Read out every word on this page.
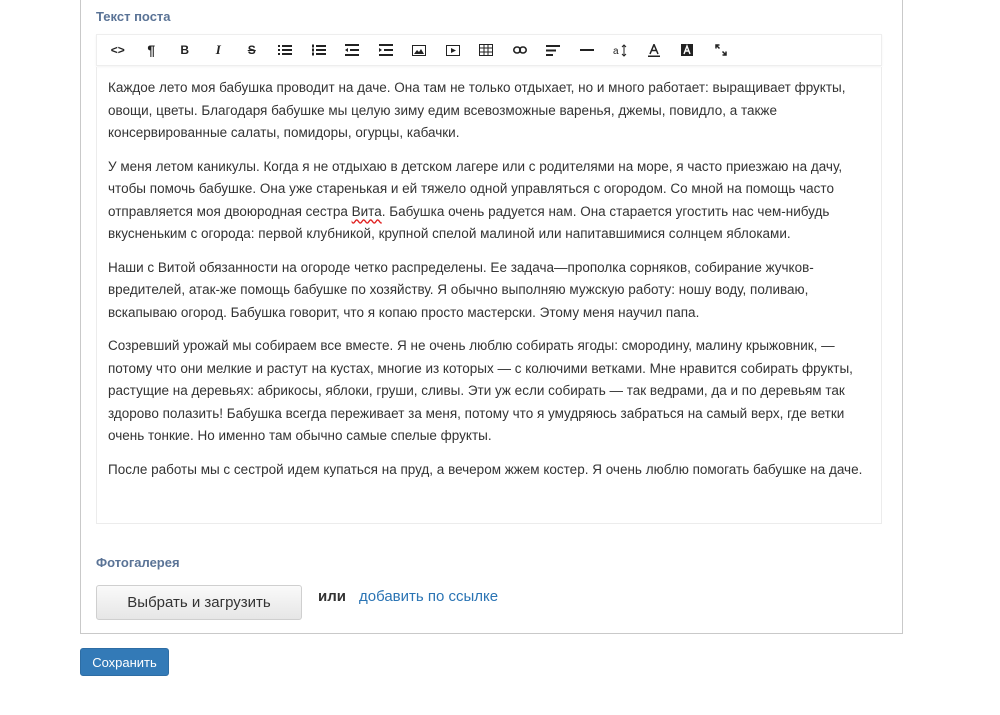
Текст поста
<> ¶ B I S	a

Каждое лето моя бабушка проводит на даче. Она там не только отдыхает, но и много работает: выращивает фрукты, овощи, цветы. Благодаря бабушке мы целую зиму едим всевозможные варенья, джемы, повидло, а также консервированные салаты, помидоры, огурцы, кабачки.

У меня летом каникулы. Когда я не отдыхаю в детском лагере или с родителями на море, я часто приезжаю на дачу, чтобы помочь бабушке. Она уже старенькая и ей тяжело одной управляться с огородом. Со мной на помощь часто отправляется моя двоюродная сестра Вита. Бабушка очень радуется нам. Она старается угостить нас чем-нибудь вкусненьким с огорода: первой клубникой, крупной спелой малиной или напитавшимися солнцем яблоками.

Наши с Витой обязанности на огороде четко распределены. Ее задача—прополка сорняков, собирание жучков-вредителей, атак-же помощь бабушке по хозяйству. Я обычно выполняю мужскую работу: ношу воду, поливаю, вскапываю огород. Бабушка говорит, что я копаю просто мастерски. Этому меня научил папа.

Созревший урожай мы собираем все вместе. Я не очень люблю собирать ягоды: смородину, малину крыжовник, — потому что они мелкие и растут на кустах, многие из которых — с колючими ветками. Мне нравится собирать фрукты, растущие на деревьях: абрикосы, яблоки, груши, сливы. Эти уж если собирать — так ведрами, да и по деревьям так здорово полазить! Бабушка всегда переживает за меня, потому что я умудряюсь забраться на самый верх, где ветки очень тонкие. Но именно там обычно самые спелые фрукты.

После работы мы с сестрой идем купаться на пруд, а вечером жжем костер. Я очень люблю помогать бабушке на даче.

Фотогалерея
Выбрать и загрузить	или добавить по ссылке
Сохранить
